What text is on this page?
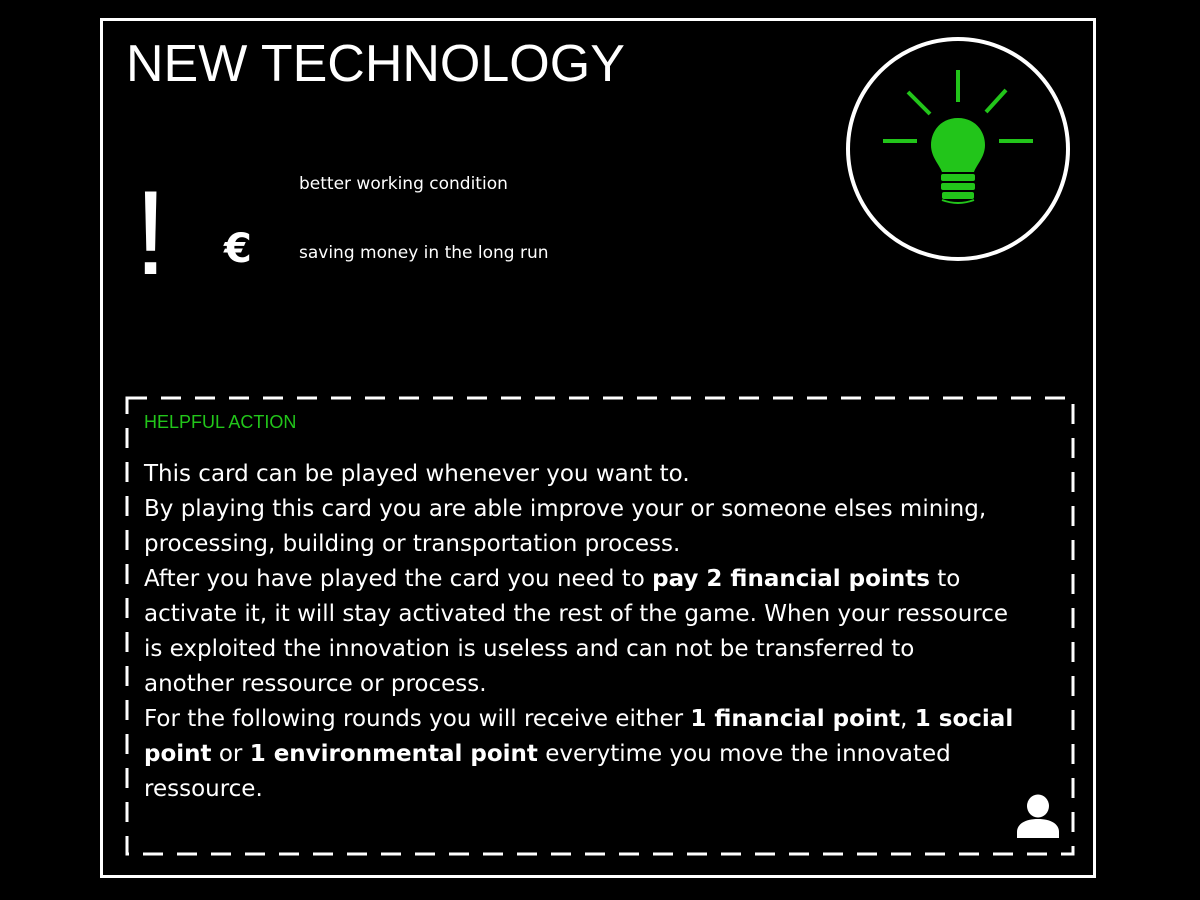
NEW TECHNOLOGY
! €
better working condition
saving money in the long run
HELPFUL ACTION
This card can be played whenever you want to.
By playing this card you are able improve your or someone elses mining,
processing, building or transportation process.
After you have played the card you need to pay 2 financial points to
activate it, it will stay activated the rest of the game. When your ressource
is exploited the innovation is useless and can not be transferred to
another ressource or process.
For the following rounds you will receive either 1 financial point, 1 social
point or 1 environmental point everytime you move the innovated
ressource.
